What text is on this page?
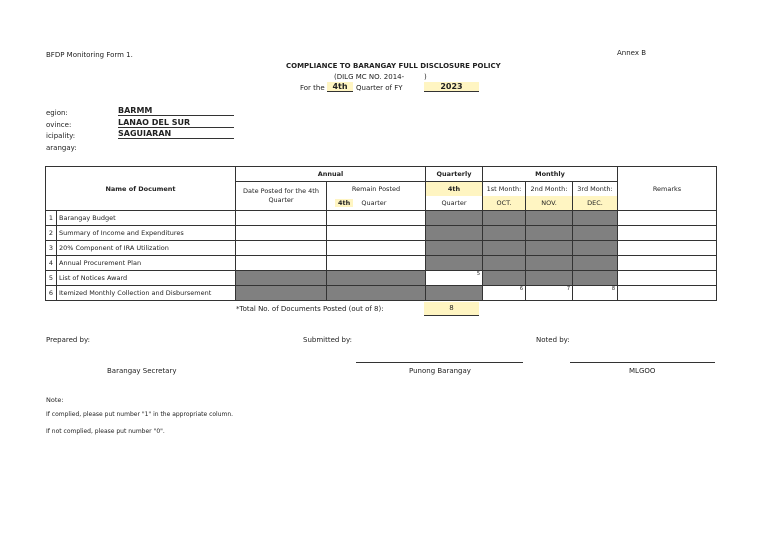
BFDP Monitoring Form 1.	Annex B
COMPLIANCE TO BARANGAY FULL DISCLOSURE POLICY
(DILG MC NO. 2014-	)
For the 4th	Quarter of FY	2023
egion:	BARMM
ovince:	LANAO DEL SUR
icipality:	SAGUIARAN
arangay:
Name of Document		Annual		Quarterly	Monthly			Remarks
		Date Posted for the 4th Quarter	Remain Posted	4th	1st Month:	2nd Month:	3rd Month:	
			4th Quarter	Quarter	OCT.	NOV.	DEC.	
1	Barangay Budget							
2	Summary of Income and Expenditures							
3	20% Component of IRA Utilization							
4	Annual Procurement Plan							
5	List of Notices Award			5				
6	Itemized Monthly Collection and Disbursement				6	7	8	
*Total No. of Documents Posted (out of 8):	8
Prepared by:	Submitted by:	Noted by:
Barangay Secretary	Punong Barangay	MLGOO
Note:
If complied, please put number "1" in the appropriate column.
If not complied, please put number "0".
